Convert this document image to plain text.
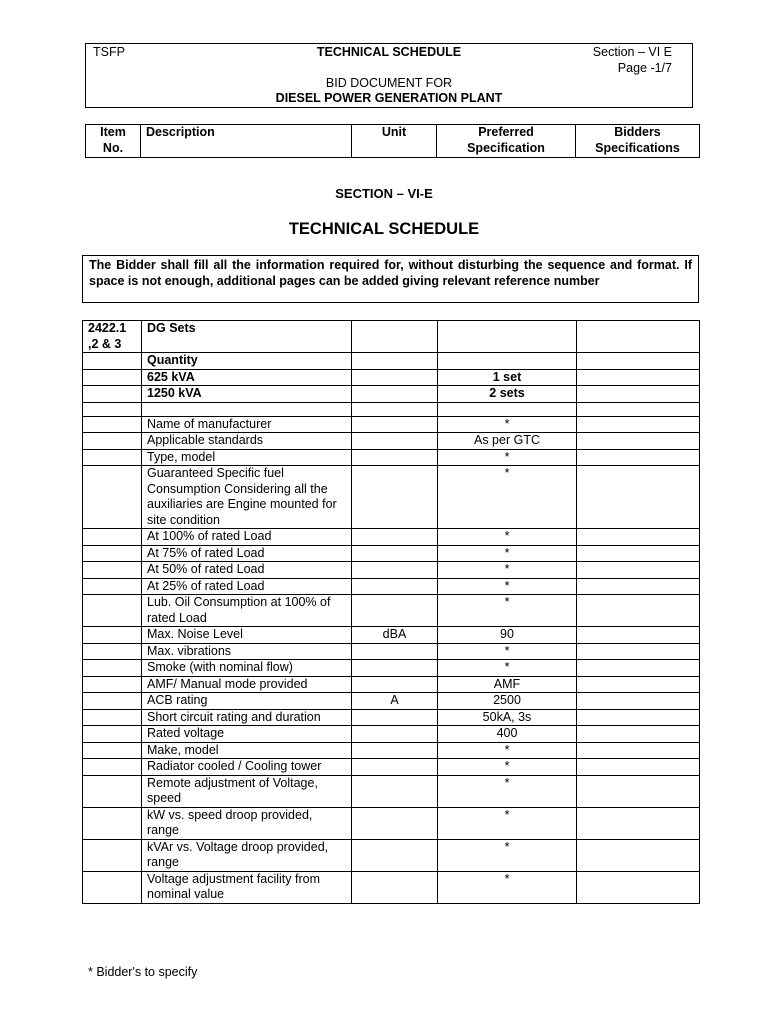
TSFP	TECHNICAL SCHEDULE	Section – VI E
Page -1/7
BID DOCUMENT FOR
DIESEL POWER GENERATION PLANT
Item No.	Description	Unit	Preferred Specification	Bidders Specifications
SECTION – VI-E
TECHNICAL SCHEDULE
The Bidder shall fill all the information required for, without disturbing the sequence and format. If space is not enough, additional pages can be added giving relevant reference number
2422.1 ,2 & 3	DG Sets			
	Quantity			
	625 kVA		1 set	
	1250 kVA		2 sets	

	Name of manufacturer		*	
	Applicable standards		As per GTC	
	Type, model		*	
	Guaranteed Specific fuel Consumption Considering all the auxiliaries are Engine mounted for site condition		*	
	At 100% of rated Load		*	
	At 75% of rated Load		*	
	At 50% of rated Load		*	
	At 25% of rated Load		*	
	Lub. Oil Consumption at 100% of rated Load		*	
	Max. Noise Level	dBA	90	
	Max. vibrations		*	
	Smoke (with nominal flow)		*	
	AMF/ Manual mode provided		AMF	
	ACB rating	A	2500	
	Short circuit rating and duration		50kA, 3s	
	Rated voltage		400	
	Make, model		*	
	Radiator cooled / Cooling tower		*	
	Remote adjustment of Voltage, speed		*	
	kW vs. speed droop provided, range		*	
	kVAr vs. Voltage droop provided, range		*	
	Voltage adjustment facility from nominal value		*	
* Bidder's to specify
